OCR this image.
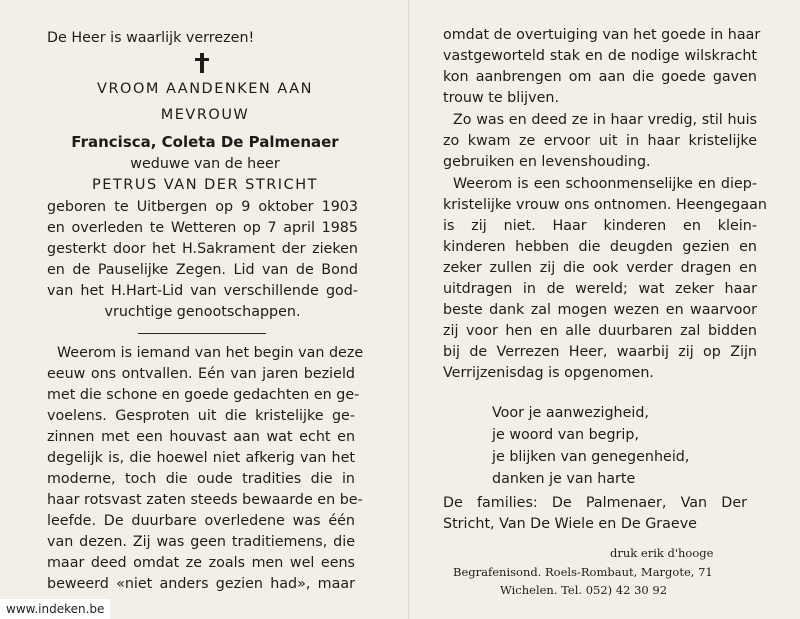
De Heer is waarlijk verrezen!
VROOM AANDENKEN AAN
MEVROUW
Francisca, Coleta De Palmenaer
weduwe van de heer
PETRUS VAN DER STRICHT
geboren te Uitbergen op 9 oktober 1903
en overleden te Wetteren op 7 april 1985
gesterkt door het H.Sakrament der zieken
en de Pauselijke Zegen. Lid van de Bond
van het H.Hart-Lid van verschillende god-
vruchtige genootschappen.
Weerom is iemand van het begin van deze
eeuw ons ontvallen. Eén van jaren bezield
met die schone en goede gedachten en ge-
voelens. Gesproten uit die kristelijke ge-
zinnen met een houvast aan wat echt en
degelijk is, die hoewel niet afkerig van het
moderne, toch die oude tradities die in
haar rotsvast zaten steeds bewaarde en be-
leefde. De duurbare overledene was één
van dezen. Zij was geen traditiemens, die
maar deed omdat ze zoals men wel eens
beweerd «niet anders gezien had», maar
omdat de overtuiging van het goede in haar
vastgeworteld stak en de nodige wilskracht
kon aanbrengen om aan die goede gaven
trouw te blijven.
Zo was en deed ze in haar vredig, stil huis
zo kwam ze ervoor uit in haar kristelijke
gebruiken en levenshouding.
Weerom is een schoonmenselijke en diep-
kristelijke vrouw ons ontnomen. Heengegaan
is zij niet. Haar kinderen en klein-
kinderen hebben die deugden gezien en
zeker zullen zij die ook verder dragen en
uitdragen in de wereld; wat zeker haar
beste dank zal mogen wezen en waarvoor
zij voor hen en alle duurbaren zal bidden
bij de Verrezen Heer, waarbij zij op Zijn
Verrijzenisdag is opgenomen.
Voor je aanwezigheid,
je woord van begrip,
je blijken van genegenheid,
danken je van harte
De families: De Palmenaer, Van Der
Stricht, Van De Wiele en De Graeve
druk erik d'hooge
Begrafenisond. Roels-Rombaut, Margote, 71
Wichelen. Tel. 052) 42 30 92
www.indeken.be
